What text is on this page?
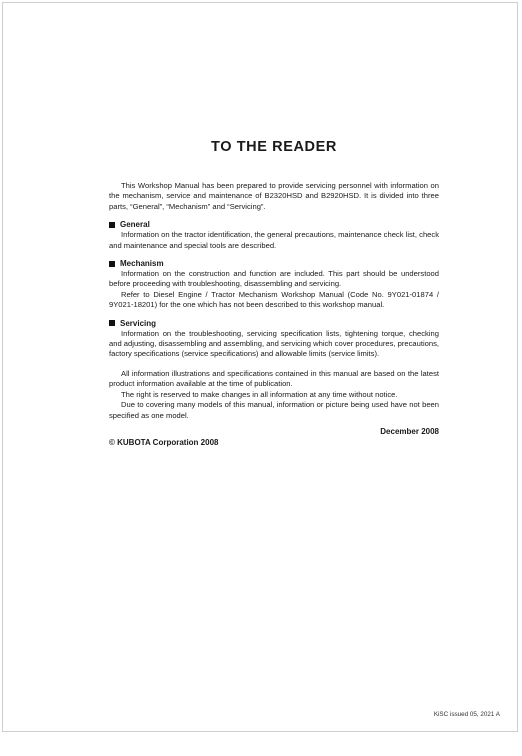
TO THE READER

This Workshop Manual has been prepared to provide servicing personnel with information on the mechanism, service and maintenance of B2320HSD and B2920HSD. It is divided into three parts, “General”, “Mechanism” and “Servicing”.

General

Information on the tractor identification, the general precautions, maintenance check list, check and maintenance and special tools are described.

Mechanism

Information on the construction and function are included. This part should be understood before proceeding with troubleshooting, disassembling and servicing.

Refer to Diesel Engine / Tractor Mechanism Workshop Manual (Code No. 9Y021-01874 / 9Y021-18201) for the one which has not been described to this workshop manual.

Servicing

Information on the troubleshooting, servicing specification lists, tightening torque, checking and adjusting, disassembling and assembling, and servicing which cover procedures, precautions, factory specifications (service specifications) and allowable limits (service limits).

All information illustrations and specifications contained in this manual are based on the latest product information available at the time of publication.

The right is reserved to make changes in all information at any time without notice.

Due to covering many models of this manual, information or picture being used have not been specified as one model.

December 2008
© KUBOTA Corporation 2008
KiSC issued 05, 2021 A
